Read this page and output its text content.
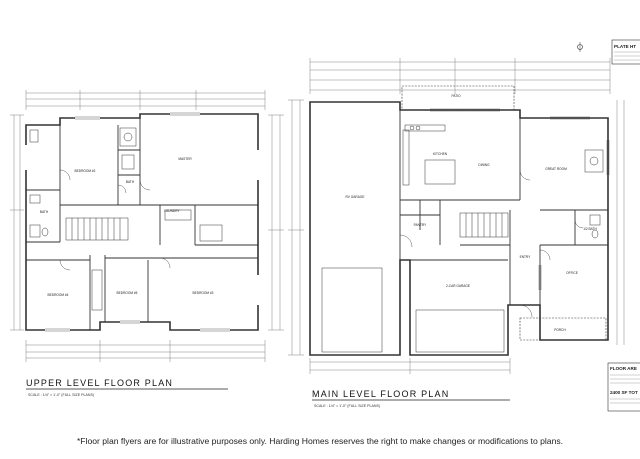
BEDROOM #2
MASTER
BATH
BATH	LAUNDRY
BEDROOM #4	BEDROOM #5	BEDROOM #3
UPPER LEVEL FLOOR PLAN
SCALE : 1/4" = 1'-0" (FULL SIZE PLANS)
PATIO
KITCHEN
DINING
GREAT ROOM
RV GARAGE
PANTRY
1/2 BATH
ENTRY
OFFICE
2-CAR GARAGE
PORCH
MAIN LEVEL FLOOR PLAN
SCALE : 1/4" = 1'-0" (FULL SIZE PLANS)
PLATE HT
FLOOR ARE
2400 SF TOT
*Floor plan flyers are for illustrative purposes only. Harding Homes reserves the right to make changes or modifications to plans.
